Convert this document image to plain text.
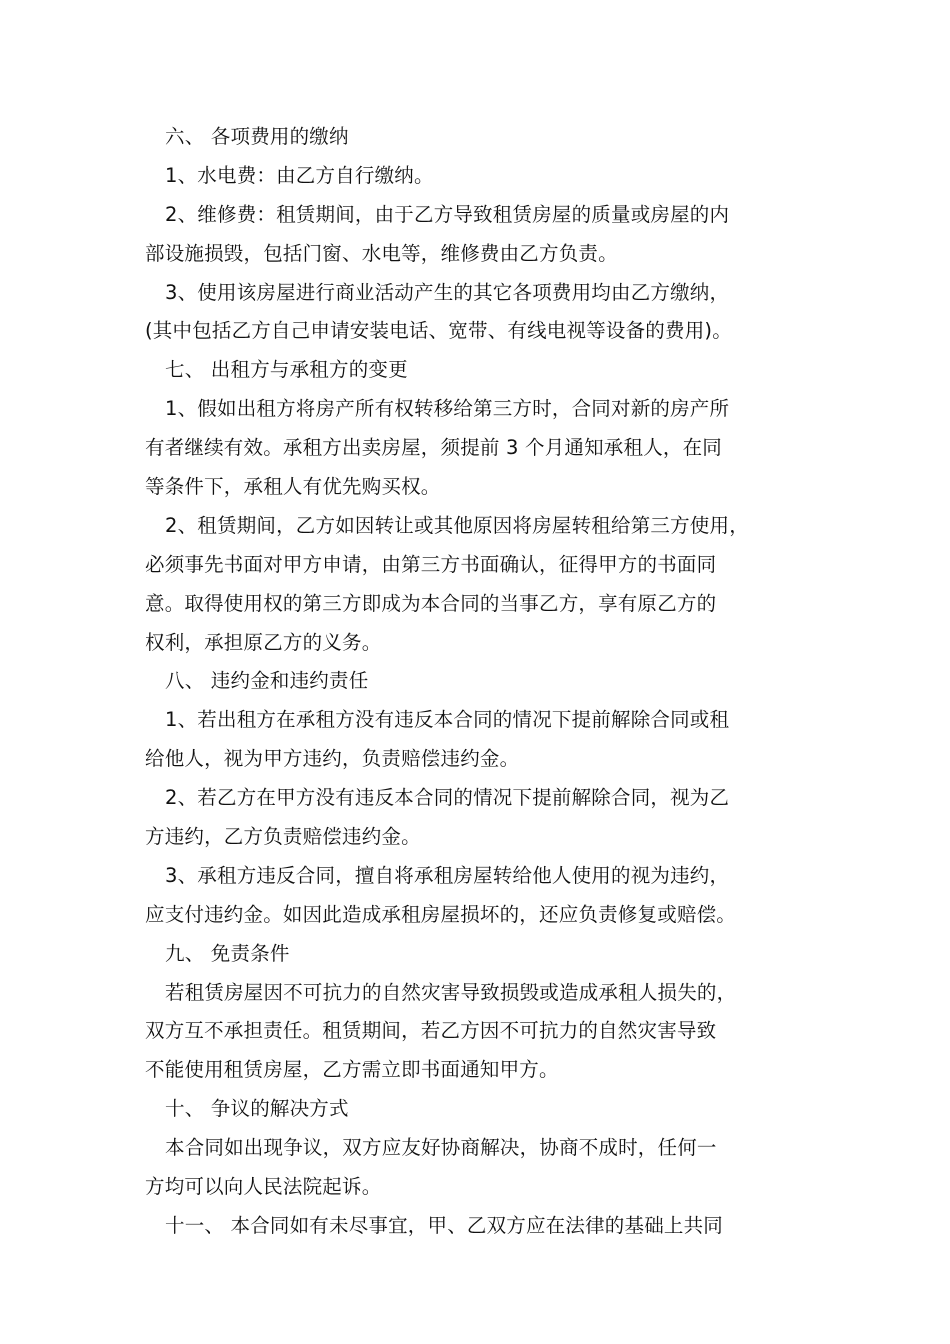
六、 各项费用的缴纳
1、水电费：由乙方自行缴纳。
2、维修费：租赁期间，由于乙方导致租赁房屋的质量或房屋的内
部设施损毁，包括门窗、水电等，维修费由乙方负责。
3、使用该房屋进行商业活动产生的其它各项费用均由乙方缴纳，
(其中包括乙方自己申请安装电话、宽带、有线电视等设备的费用)。
七、 出租方与承租方的变更
1、假如出租方将房产所有权转移给第三方时，合同对新的房产所
有者继续有效。承租方出卖房屋，须提前 3 个月通知承租人，在同
等条件下，承租人有优先购买权。
2、租赁期间，乙方如因转让或其他原因将房屋转租给第三方使用，
必须事先书面对甲方申请，由第三方书面确认，征得甲方的书面同
意。取得使用权的第三方即成为本合同的当事乙方，享有原乙方的
权利，承担原乙方的义务。
八、 违约金和违约责任
1、若出租方在承租方没有违反本合同的情况下提前解除合同或租
给他人，视为甲方违约，负责赔偿违约金。
2、若乙方在甲方没有违反本合同的情况下提前解除合同，视为乙
方违约，乙方负责赔偿违约金。
3、承租方违反合同，擅自将承租房屋转给他人使用的视为违约，
应支付违约金。如因此造成承租房屋损坏的，还应负责修复或赔偿。
九、 免责条件
若租赁房屋因不可抗力的自然灾害导致损毁或造成承租人损失的，
双方互不承担责任。租赁期间，若乙方因不可抗力的自然灾害导致
不能使用租赁房屋，乙方需立即书面通知甲方。
十、 争议的解决方式
本合同如出现争议，双方应友好协商解决，协商不成时，任何一
方均可以向人民法院起诉。
十一、 本合同如有未尽事宜，甲、乙双方应在法律的基础上共同
